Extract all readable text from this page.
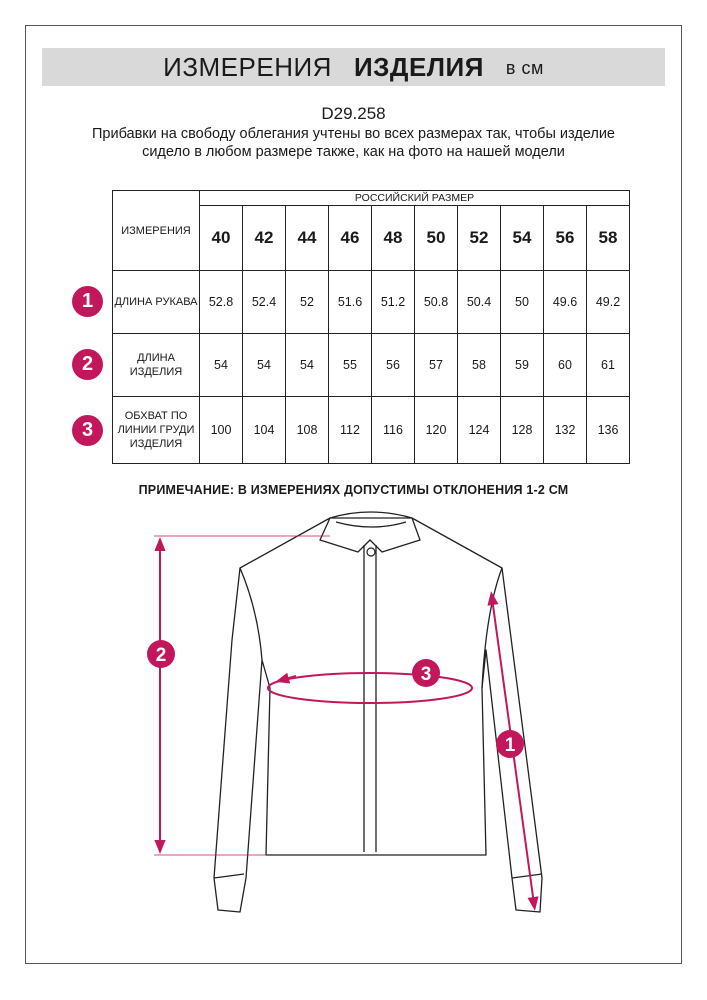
ИЗМЕРЕНИЯ ИЗДЕЛИЯ в см
D29.258
Прибавки на свободу облегания учтены во всех размерах так, чтобы изделие сидело в любом размере также, как на фото на нашей модели
ИЗМЕРЕНИЯ	РОССИЙСКИЙ РАЗМЕР									
	40	42	44	46	48	50	52	54	56	58
ДЛИНА РУКАВА	52.8	52.4	52	51.6	51.2	50.8	50.4	50	49.6	49.2
ДЛИНА ИЗДЕЛИЯ	54	54	54	55	56	57	58	59	60	61
ОБХВАТ ПО ЛИНИИ ГРУДИ ИЗДЕЛИЯ	100	104	108	112	116	120	124	128	132	136
1
2
3
ПРИМЕЧАНИЕ: В ИЗМЕРЕНИЯХ ДОПУСТИМЫ ОТКЛОНЕНИЯ 1-2 СМ
2
3
1
